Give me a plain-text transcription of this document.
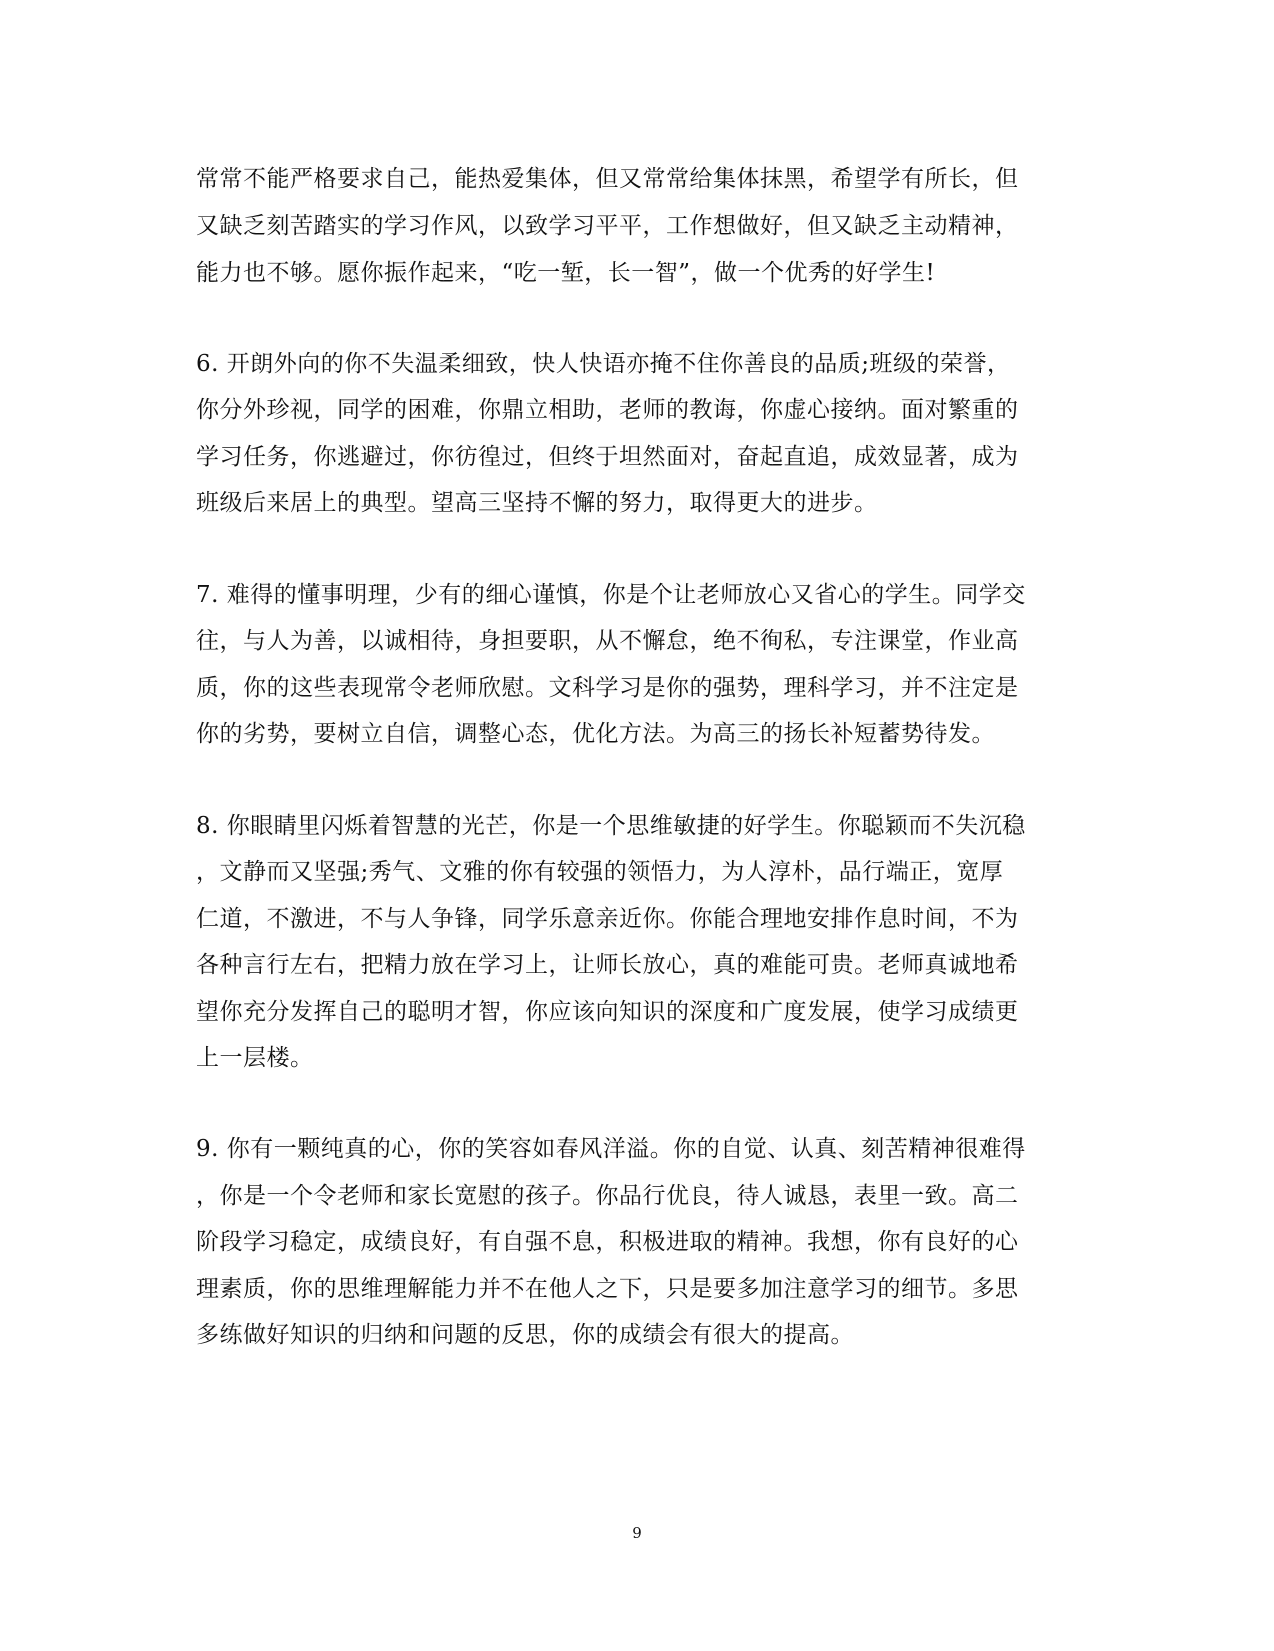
常常不能严格要求自己，能热爱集体，但又常常给集体抹黑，希望学有所长，但
又缺乏刻苦踏实的学习作风，以致学习平平，工作想做好，但又缺乏主动精神，
能力也不够。愿你振作起来，“吃一堑，长一智”，做一个优秀的好学生!
6. 开朗外向的你不失温柔细致，快人快语亦掩不住你善良的品质;班级的荣誉，
你分外珍视，同学的困难，你鼎立相助，老师的教诲，你虚心接纳。面对繁重的
学习任务，你逃避过，你彷徨过，但终于坦然面对，奋起直追，成效显著，成为
班级后来居上的典型。望高三坚持不懈的努力，取得更大的进步。
7. 难得的懂事明理，少有的细心谨慎，你是个让老师放心又省心的学生。同学交
往，与人为善，以诚相待，身担要职，从不懈怠，绝不徇私，专注课堂，作业高
质，你的这些表现常令老师欣慰。文科学习是你的强势，理科学习，并不注定是
你的劣势，要树立自信，调整心态，优化方法。为高三的扬长补短蓄势待发。
8. 你眼睛里闪烁着智慧的光芒，你是一个思维敏捷的好学生。你聪颖而不失沉稳
，文静而又坚强;秀气、文雅的你有较强的领悟力，为人淳朴，品行端正，宽厚
仁道，不激进，不与人争锋，同学乐意亲近你。你能合理地安排作息时间，不为
各种言行左右，把精力放在学习上，让师长放心，真的难能可贵。老师真诚地希
望你充分发挥自己的聪明才智，你应该向知识的深度和广度发展，使学习成绩更
上一层楼。
9. 你有一颗纯真的心，你的笑容如春风洋溢。你的自觉、认真、刻苦精神很难得
，你是一个令老师和家长宽慰的孩子。你品行优良，待人诚恳，表里一致。高二
阶段学习稳定，成绩良好，有自强不息，积极进取的精神。我想，你有良好的心
理素质，你的思维理解能力并不在他人之下，只是要多加注意学习的细节。多思
多练做好知识的归纳和问题的反思，你的成绩会有很大的提高。
9
